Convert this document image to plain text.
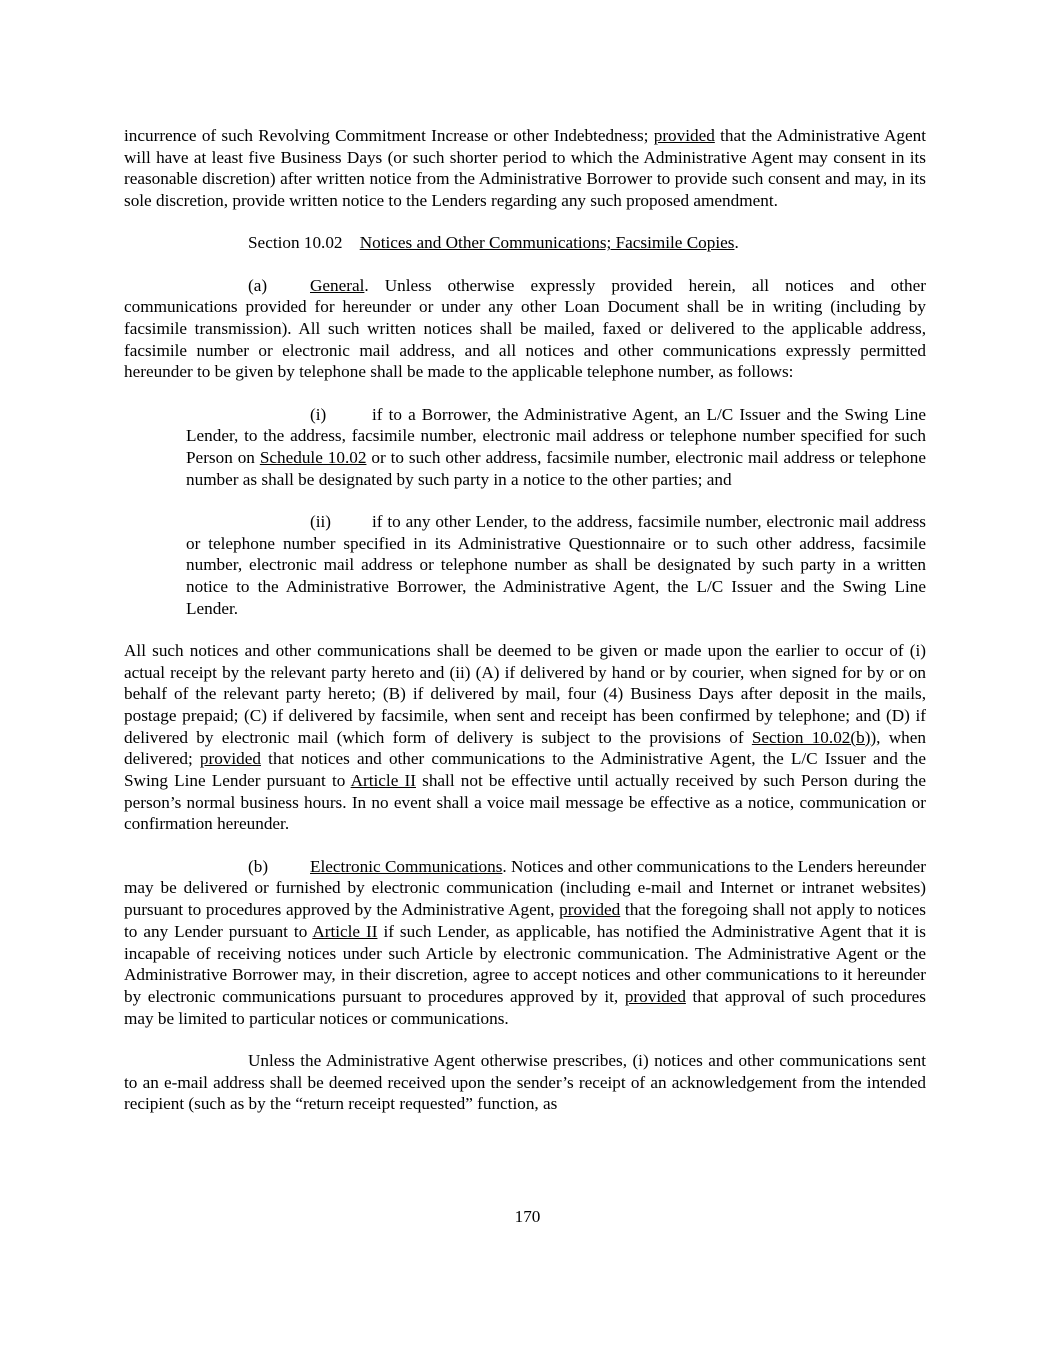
incurrence of such Revolving Commitment Increase or other Indebtedness; provided that the Administrative Agent will have at least five Business Days (or such shorter period to which the Administrative Agent may consent in its reasonable discretion) after written notice from the Administrative Borrower to provide such consent and may, in its sole discretion, provide written notice to the Lenders regarding any such proposed amendment.

Section 10.02 Notices and Other Communications; Facsimile Copies.

(a) General. Unless otherwise expressly provided herein, all notices and other communications provided for hereunder or under any other Loan Document shall be in writing (including by facsimile transmission). All such written notices shall be mailed, faxed or delivered to the applicable address, facsimile number or electronic mail address, and all notices and other communications expressly permitted hereunder to be given by telephone shall be made to the applicable telephone number, as follows:

(i)	if to a Borrower, the Administrative Agent, an L/C Issuer and the Swing Line Lender, to the address, facsimile number, electronic mail address or telephone number specified for such Person on Schedule 10.02 or to such other address, facsimile number, electronic mail address or telephone number as shall be designated by such party in a notice to the other parties; and

(ii) if to any other Lender, to the address, facsimile number, electronic mail address or telephone number specified in its Administrative Questionnaire or to such other address, facsimile number, electronic mail address or telephone number as shall be designated by such party in a written notice to the Administrative Borrower, the Administrative Agent, the L/C Issuer and the Swing Line Lender.

All such notices and other communications shall be deemed to be given or made upon the earlier to occur of (i) actual receipt by the relevant party hereto and (ii) (A) if delivered by hand or by courier, when signed for by or on behalf of the relevant party hereto; (B) if delivered by mail, four (4) Business Days after deposit in the mails, postage prepaid; (C) if delivered by facsimile, when sent and receipt has been confirmed by telephone; and (D) if delivered by electronic mail (which form of delivery is subject to the provisions of Section 10.02(b)), when delivered; provided that notices and other communications to the Administrative Agent, the L/C Issuer and the Swing Line Lender pursuant to Article II shall not be effective until actually received by such Person during the person’s normal business hours. In no event shall a voice mail message be effective as a notice, communication or confirmation hereunder.

(b) Electronic Communications. Notices and other communications to the Lenders hereunder may be delivered or furnished by electronic communication (including e-mail and Internet or intranet websites) pursuant to procedures approved by the Administrative Agent, provided that the foregoing shall not apply to notices to any Lender pursuant to Article II if such Lender, as applicable, has notified the Administrative Agent that it is incapable of receiving notices under such Article by electronic communication. The Administrative Agent or the Administrative Borrower may, in their discretion, agree to accept notices and other communications to it hereunder by electronic communications pursuant to procedures approved by it, provided that approval of such procedures may be limited to particular notices or communications.

Unless the Administrative Agent otherwise prescribes, (i) notices and other communications sent to an e-mail address shall be deemed received upon the sender’s receipt of an acknowledgement from the intended recipient (such as by the “return receipt requested” function, as

170
